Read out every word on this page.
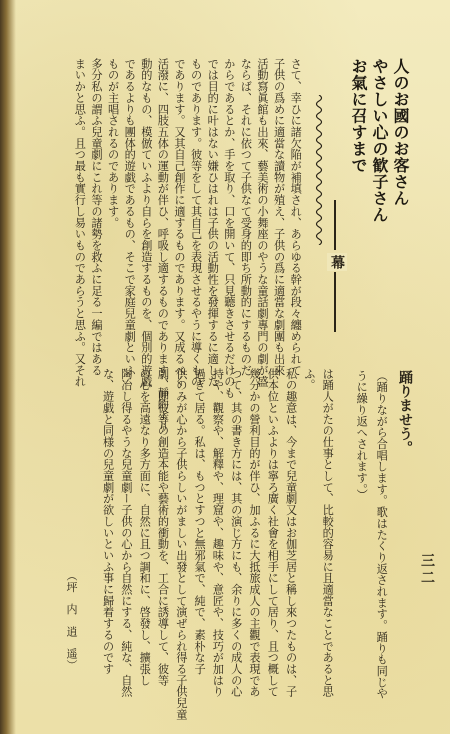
人のお國のお客さん
やさしい心の歓子さん
お氣に召すまで
さて、幸ひに諸欠陥が補填され、あらゆる幹が段々纏められて
子供の爲めに適當な讀物が殖え、子供の爲に適當な劇團も出來
活動寫眞館も出來、藝美術の小舞座のやうな童話劇專門の劇が盛
ならば、それに依つて子供なて受身的即ち所動的にするものだ
からであるとか、手を取り、口を開いて、只見聽きさせるだけのも
では目的に叶はない嫌ひはれは子供の活動性を發揮するに適した
ものであります。彼等をして其自己を表現させるやうに導くもの
であります。又其自己創作に適するものであります。又成るべく
活潑に、四肢五体の運動が伴ひ、呼吸し適するものであります。靜的より
動的なもの、模倣ていふより自らを創造するものを、個別的遊戯
であるよりも團体的遊戯であるもの、そこで家庭兒童劇といふ
ものが主唱されるのであります。
多分私の謂ふ兒童劇にこれ等の諸勢を救ふに足る一編ではある
まいかと思ふ。且つ最も實行し易いものであらうと思ふ。又それ	幕
踊りませう。
（踊りながら合唱します。歌はたくり返されます。踊りも同じや
うに繰り返へされます。）
は踊人がたの仕事として、比較的容易に且適當なことであると思
ふ。
私の趣意は、今まで兒童劇又はお伽芝居と稱し來つたものは、子
供本位といふよりは寧ろ廣く社會を相手にして居り、且つ概して
幾分かの營利目的が伴ひ、加ふるに大抵旅成人の主觀で表現であ
つて、其の書き方には、其の演じ方にも、余りに多くの成人の心
持や、觀察や、解釋や、理窟や、趣味や、意匠や、技巧が加はり
過ぎて居る。私は、もつとすつと無邪氣で、純で、素朴な子
供のみが心から子供らしいがましい出發として演ぜられ得る子供兒童
劇、即彼等の創造本能や藝術的衝動を、工合に誘導して、彼等
の心を高遠なり多方面に、自然に且つ調和に、啓發し、擴張し
陶冶し得るやうな兒童劇ー子供の心から自然にする、純な、自然
な、遊戯と同様の兒童劇が欲しいといふ事に歸着するのです
（坪　内　逍　遥）	三二
